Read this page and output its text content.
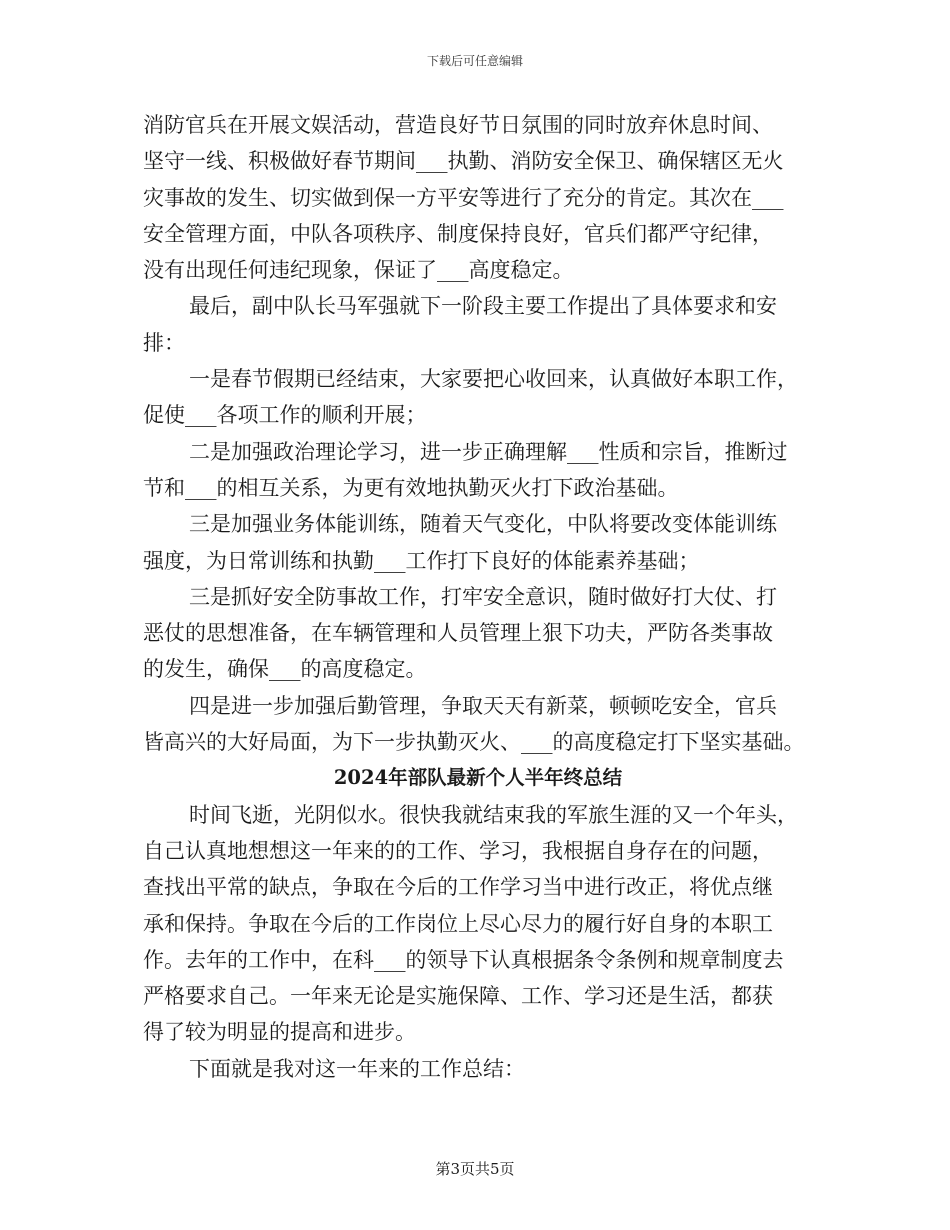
下载后可任意编辑
消防官兵在开展文娱活动，营造良好节日氛围的同时放弃休息时间、
坚守一线、积极做好春节期间___执勤、消防安全保卫、确保辖区无火
灾事故的发生、切实做到保一方平安等进行了充分的肯定。其次在___
安全管理方面，中队各项秩序、制度保持良好，官兵们都严守纪律，
没有出现任何违纪现象，保证了___高度稳定。
最后，副中队长马军强就下一阶段主要工作提出了具体要求和安
排：
一是春节假期已经结束，大家要把心收回来，认真做好本职工作，
促使___各项工作的顺利开展；
二是加强政治理论学习，进一步正确理解___性质和宗旨，推断过
节和___的相互关系，为更有效地执勤灭火打下政治基础。
三是加强业务体能训练，随着天气变化，中队将要改变体能训练
强度，为日常训练和执勤___工作打下良好的体能素养基础；
三是抓好安全防事故工作，打牢安全意识，随时做好打大仗、打
恶仗的思想准备，在车辆管理和人员管理上狠下功夫，严防各类事故
的发生，确保___的高度稳定。
四是进一步加强后勤管理，争取天天有新菜，顿顿吃安全，官兵
皆高兴的大好局面，为下一步执勤灭火、___的高度稳定打下坚实基础。
2024年部队最新个人半年终总结
时间飞逝，光阴似水。很快我就结束我的军旅生涯的又一个年头，
自己认真地想想这一年来的的工作、学习，我根据自身存在的问题，
查找出平常的缺点，争取在今后的工作学习当中进行改正，将优点继
承和保持。争取在今后的工作岗位上尽心尽力的履行好自身的本职工
作。去年的工作中，在科___的领导下认真根据条令条例和规章制度去
严格要求自己。一年来无论是实施保障、工作、学习还是生活，都获
得了较为明显的提高和进步。
下面就是我对这一年来的工作总结：
第3页共5页
